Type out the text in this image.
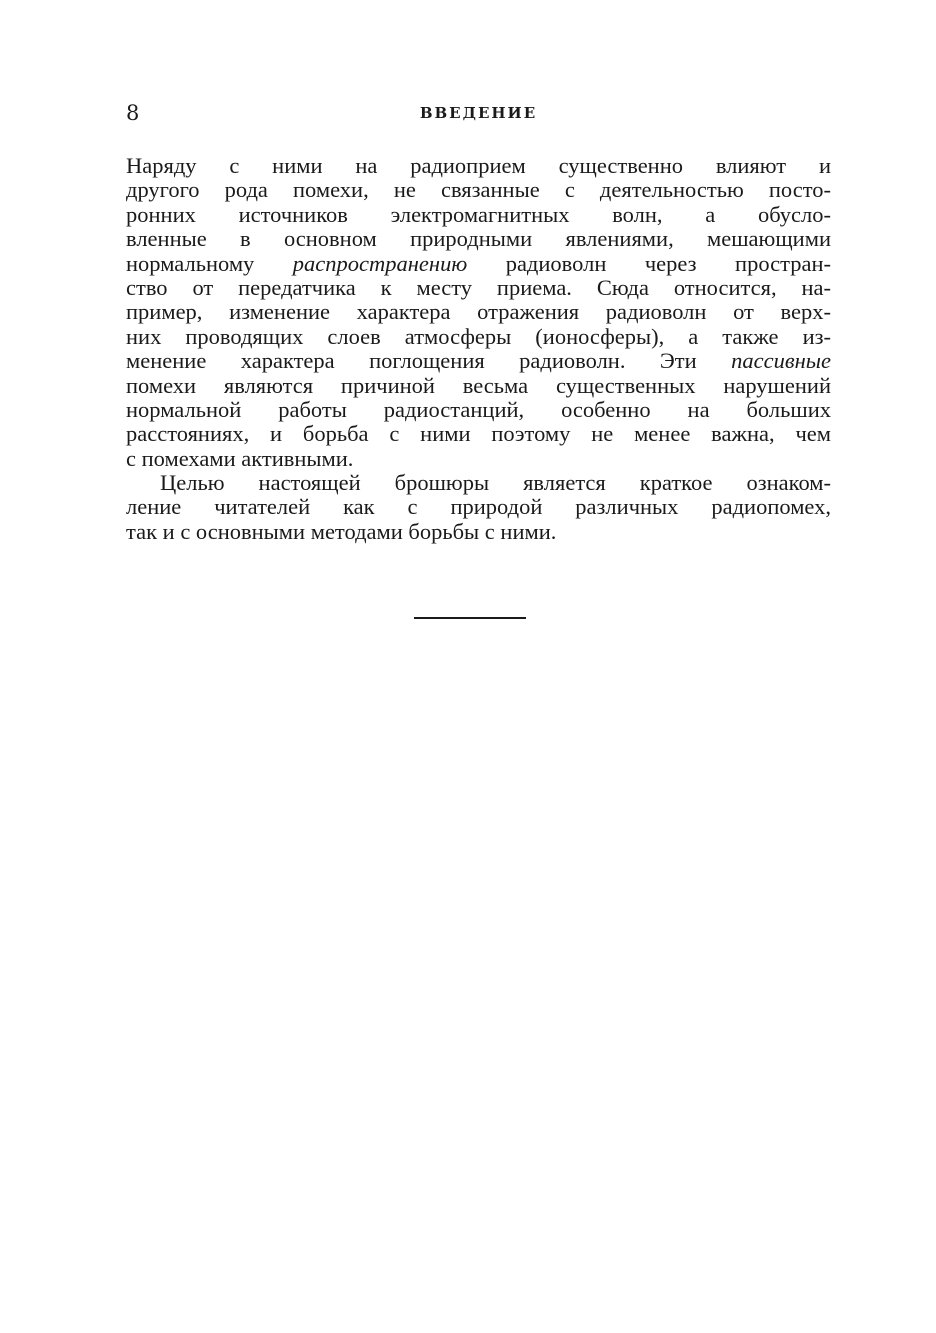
8	ВВЕДЕНИЕ
Наряду с ними на радиоприем существенно влияют и
другого рода помехи, не связанные с деятельностью посто-
ронних источников электромагнитных волн, а обусло-
вленные в основном природными явлениями, мешающими
нормальному распространению радиоволн через простран-
ство от передатчика к месту приема. Сюда относится, на-
пример, изменение характера отражения радиоволн от верх-
них проводящих слоев атмосферы (ионосферы), а также из-
менение характера поглощения радиоволн. Эти пассивные
помехи являются причиной весьма существенных нарушений
нормальной работы радиостанций, особенно на больших
расстояниях, и борьба с ними поэтому не менее важна, чем
с помехами активными.
Целью настоящей брошюры является краткое ознаком-
ление читателей как с природой различных радиопомех,
так и с основными методами борьбы с ними.
